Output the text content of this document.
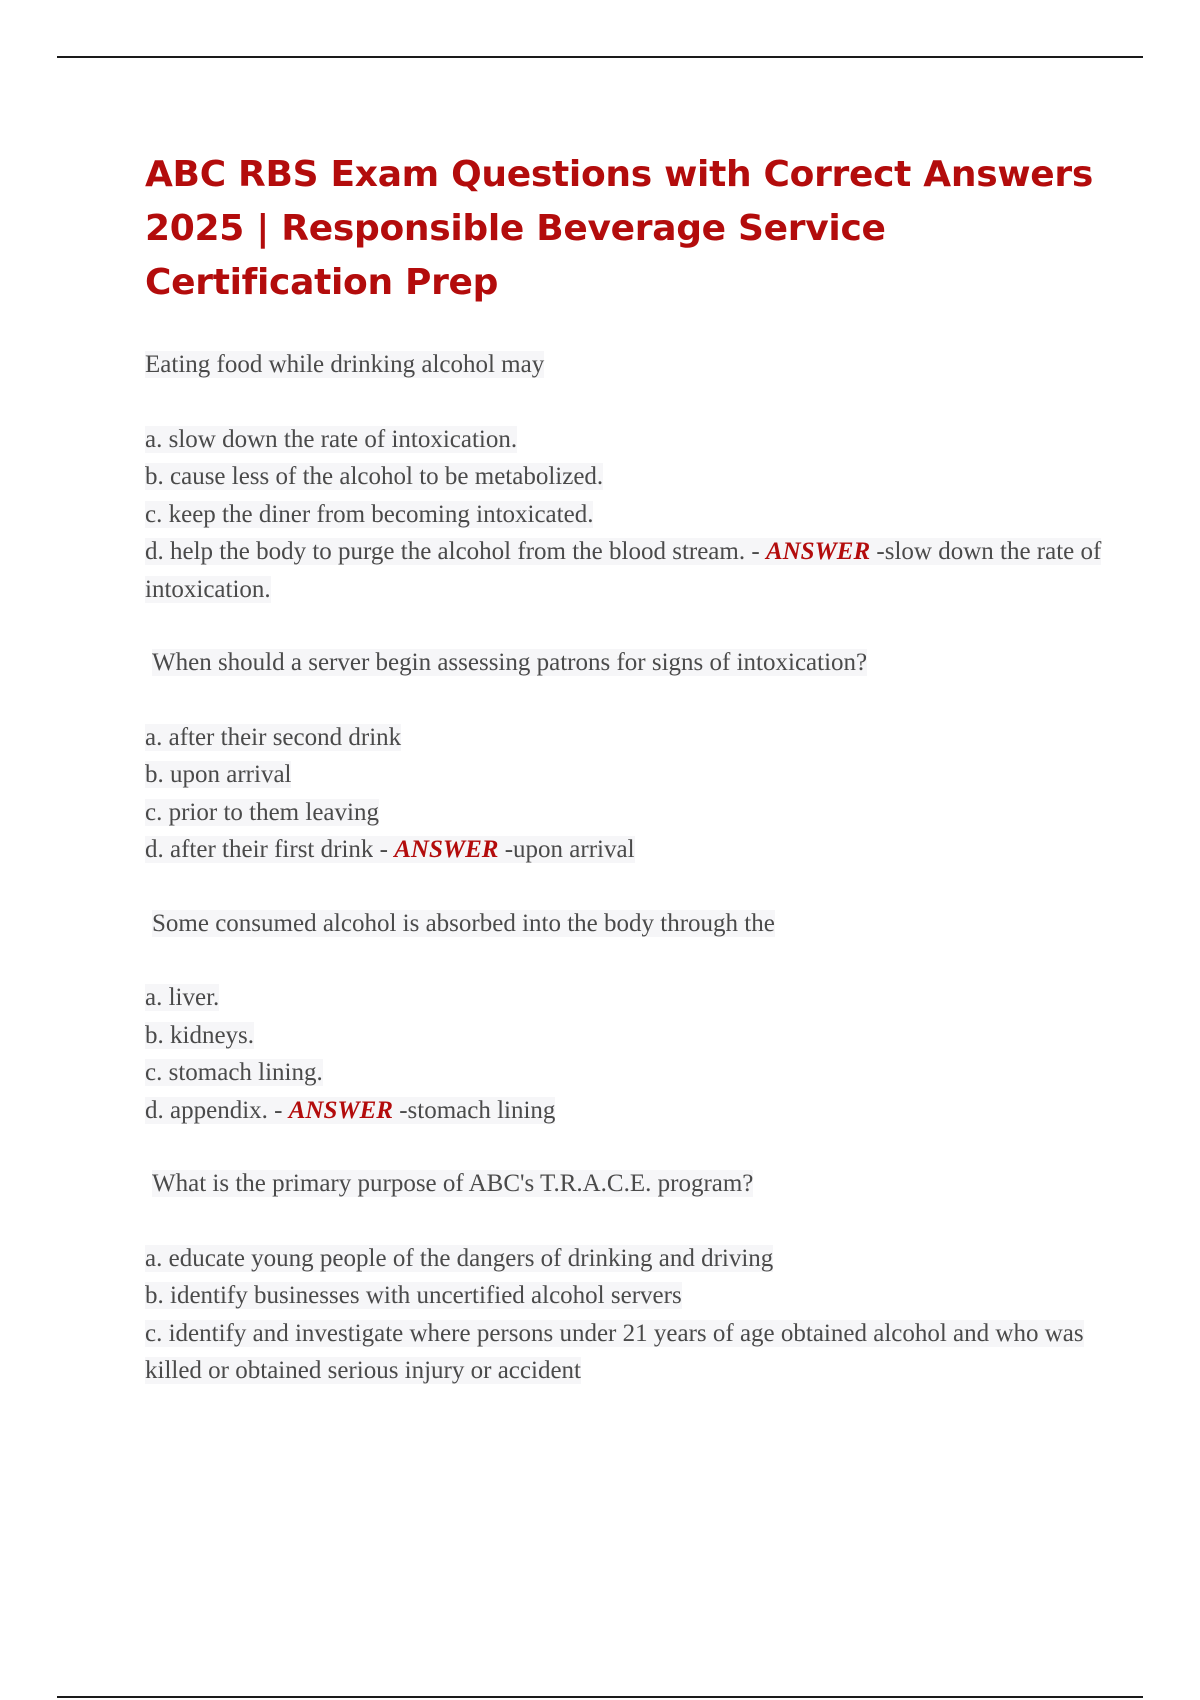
ABC RBS Exam Questions with Correct Answers 2025 | Responsible Beverage Service Certification Prep
Eating food while drinking alcohol may
a. slow down the rate of intoxication.
b. cause less of the alcohol to be metabolized.
c. keep the diner from becoming intoxicated.
d. help the body to purge the alcohol from the blood stream. - ANSWER -slow down the rate of intoxication.
When should a server begin assessing patrons for signs of intoxication?
a. after their second drink
b. upon arrival
c. prior to them leaving
d. after their first drink - ANSWER -upon arrival
Some consumed alcohol is absorbed into the body through the
a. liver.
b. kidneys.
c. stomach lining.
d. appendix. - ANSWER -stomach lining
What is the primary purpose of ABC's T.R.A.C.E. program?
a. educate young people of the dangers of drinking and driving
b. identify businesses with uncertified alcohol servers
c. identify and investigate where persons under 21 years of age obtained alcohol and who was killed or obtained serious injury or accident
